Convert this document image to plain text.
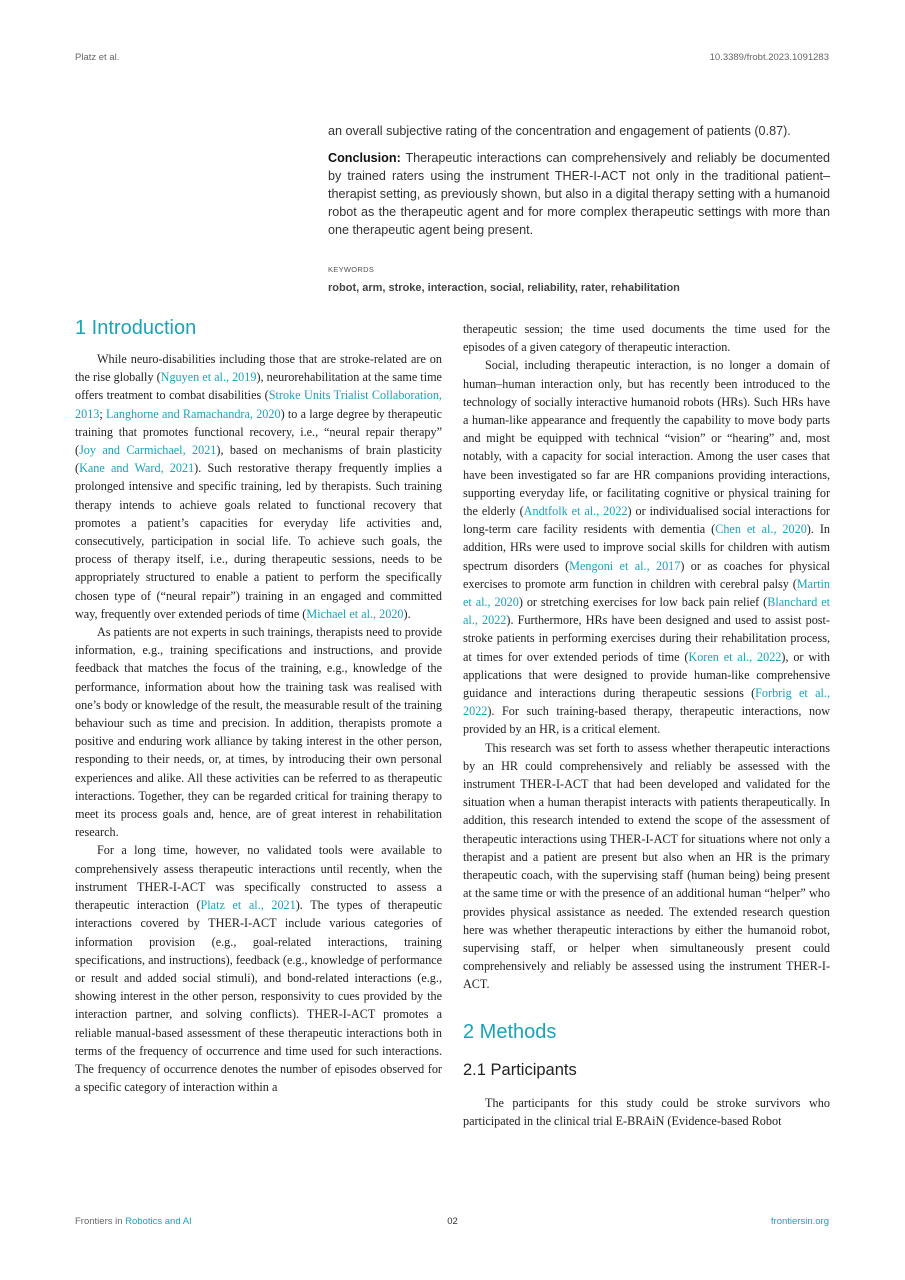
Platz et al.	10.3389/frobt.2023.1091283

an overall subjective rating of the concentration and engagement of patients (0.87).

Conclusion: Therapeutic interactions can comprehensively and reliably be documented by trained raters using the instrument THER-I-ACT not only in the traditional patient–therapist setting, as previously shown, but also in a digital therapy setting with a humanoid robot as the therapeutic agent and for more complex therapeutic settings with more than one therapeutic agent being present.

KEYWORDS
robot, arm, stroke, interaction, social, reliability, rater, rehabilitation
1 Introduction

While neuro-disabilities including those that are stroke-related are on the rise globally (Nguyen et al., 2019), neurorehabilitation at the same time offers treatment to combat disabilities (Stroke Units Trialist Collaboration, 2013; Langhorne and Ramachandra, 2020) to a large degree by therapeutic training that promotes functional recovery, i.e., “neural repair therapy” (Joy and Carmichael, 2021), based on mechanisms of brain plasticity (Kane and Ward, 2021). Such restorative therapy frequently implies a prolonged intensive and specific training, led by therapists. Such training therapy intends to achieve goals related to functional recovery that promotes a patient’s capacities for everyday life activities and, consecutively, participation in social life. To achieve such goals, the process of therapy itself, i.e., during therapeutic sessions, needs to be appropriately structured to enable a patient to perform the specifically chosen type of (“neural repair”) training in an engaged and committed way, frequently over extended periods of time (Michael et al., 2020).

As patients are not experts in such trainings, therapists need to provide information, e.g., training specifications and instructions, and provide feedback that matches the focus of the training, e.g., knowledge of the performance, information about how the training task was realised with one’s body or knowledge of the result, the measurable result of the training behaviour such as time and precision. In addition, therapists promote a positive and enduring work alliance by taking interest in the other person, responding to their needs, or, at times, by introducing their own personal experiences and alike. All these activities can be referred to as therapeutic interactions. Together, they can be regarded critical for training therapy to meet its process goals and, hence, are of great interest in rehabilitation research.

For a long time, however, no validated tools were available to comprehensively assess therapeutic interactions until recently, when the instrument THER-I-ACT was specifically constructed to assess a therapeutic interaction (Platz et al., 2021). The types of therapeutic interactions covered by THER-I-ACT include various categories of information provision (e.g., goal-related interactions, training specifications, and instructions), feedback (e.g., knowledge of performance or result and added social stimuli), and bond-related interactions (e.g., showing interest in the other person, responsivity to cues provided by the interaction partner, and solving conflicts). THER-I-ACT promotes a reliable manual-based assessment of these therapeutic interactions both in terms of the frequency of occurrence and time used for such interactions. The frequency of occurrence denotes the number of episodes observed for a specific category of interaction within a

therapeutic session; the time used documents the time used for the episodes of a given category of therapeutic interaction.

Social, including therapeutic interaction, is no longer a domain of human–human interaction only, but has recently been introduced to the technology of socially interactive humanoid robots (HRs). Such HRs have a human-like appearance and frequently the capability to move body parts and might be equipped with technical “vision” or “hearing” and, most notably, with a capacity for social interaction. Among the user cases that have been investigated so far are HR companions providing interactions, supporting everyday life, or facilitating cognitive or physical training for the elderly (Andtfolk et al., 2022) or individualised social interactions for long-term care facility residents with dementia (Chen et al., 2020). In addition, HRs were used to improve social skills for children with autism spectrum disorders (Mengoni et al., 2017) or as coaches for physical exercises to promote arm function in children with cerebral palsy (Martin et al., 2020) or stretching exercises for low back pain relief (Blanchard et al., 2022). Furthermore, HRs have been designed and used to assist post-stroke patients in performing exercises during their rehabilitation process, at times for over extended periods of time (Koren et al., 2022), or with applications that were designed to provide human-like comprehensive guidance and interactions during therapeutic sessions (Forbrig et al., 2022). For such training-based therapy, therapeutic interactions, now provided by an HR, is a critical element.

This research was set forth to assess whether therapeutic interactions by an HR could comprehensively and reliably be assessed with the instrument THER-I-ACT that had been developed and validated for the situation when a human therapist interacts with patients therapeutically. In addition, this research intended to extend the scope of the assessment of therapeutic interactions using THER-I-ACT for situations where not only a therapist and a patient are present but also when an HR is the primary therapeutic coach, with the supervising staff (human being) being present at the same time or with the presence of an additional human “helper” who provides physical assistance as needed. The extended research question here was whether therapeutic interactions by either the humanoid robot, supervising staff, or helper when simultaneously present could comprehensively and reliably be assessed using the instrument THER-I-ACT.

2 Methods
2.1 Participants

The participants for this study could be stroke survivors who participated in the clinical trial E-BRAiN (Evidence-based Robot

Frontiers in Robotics and AI	02	frontiersin.org
